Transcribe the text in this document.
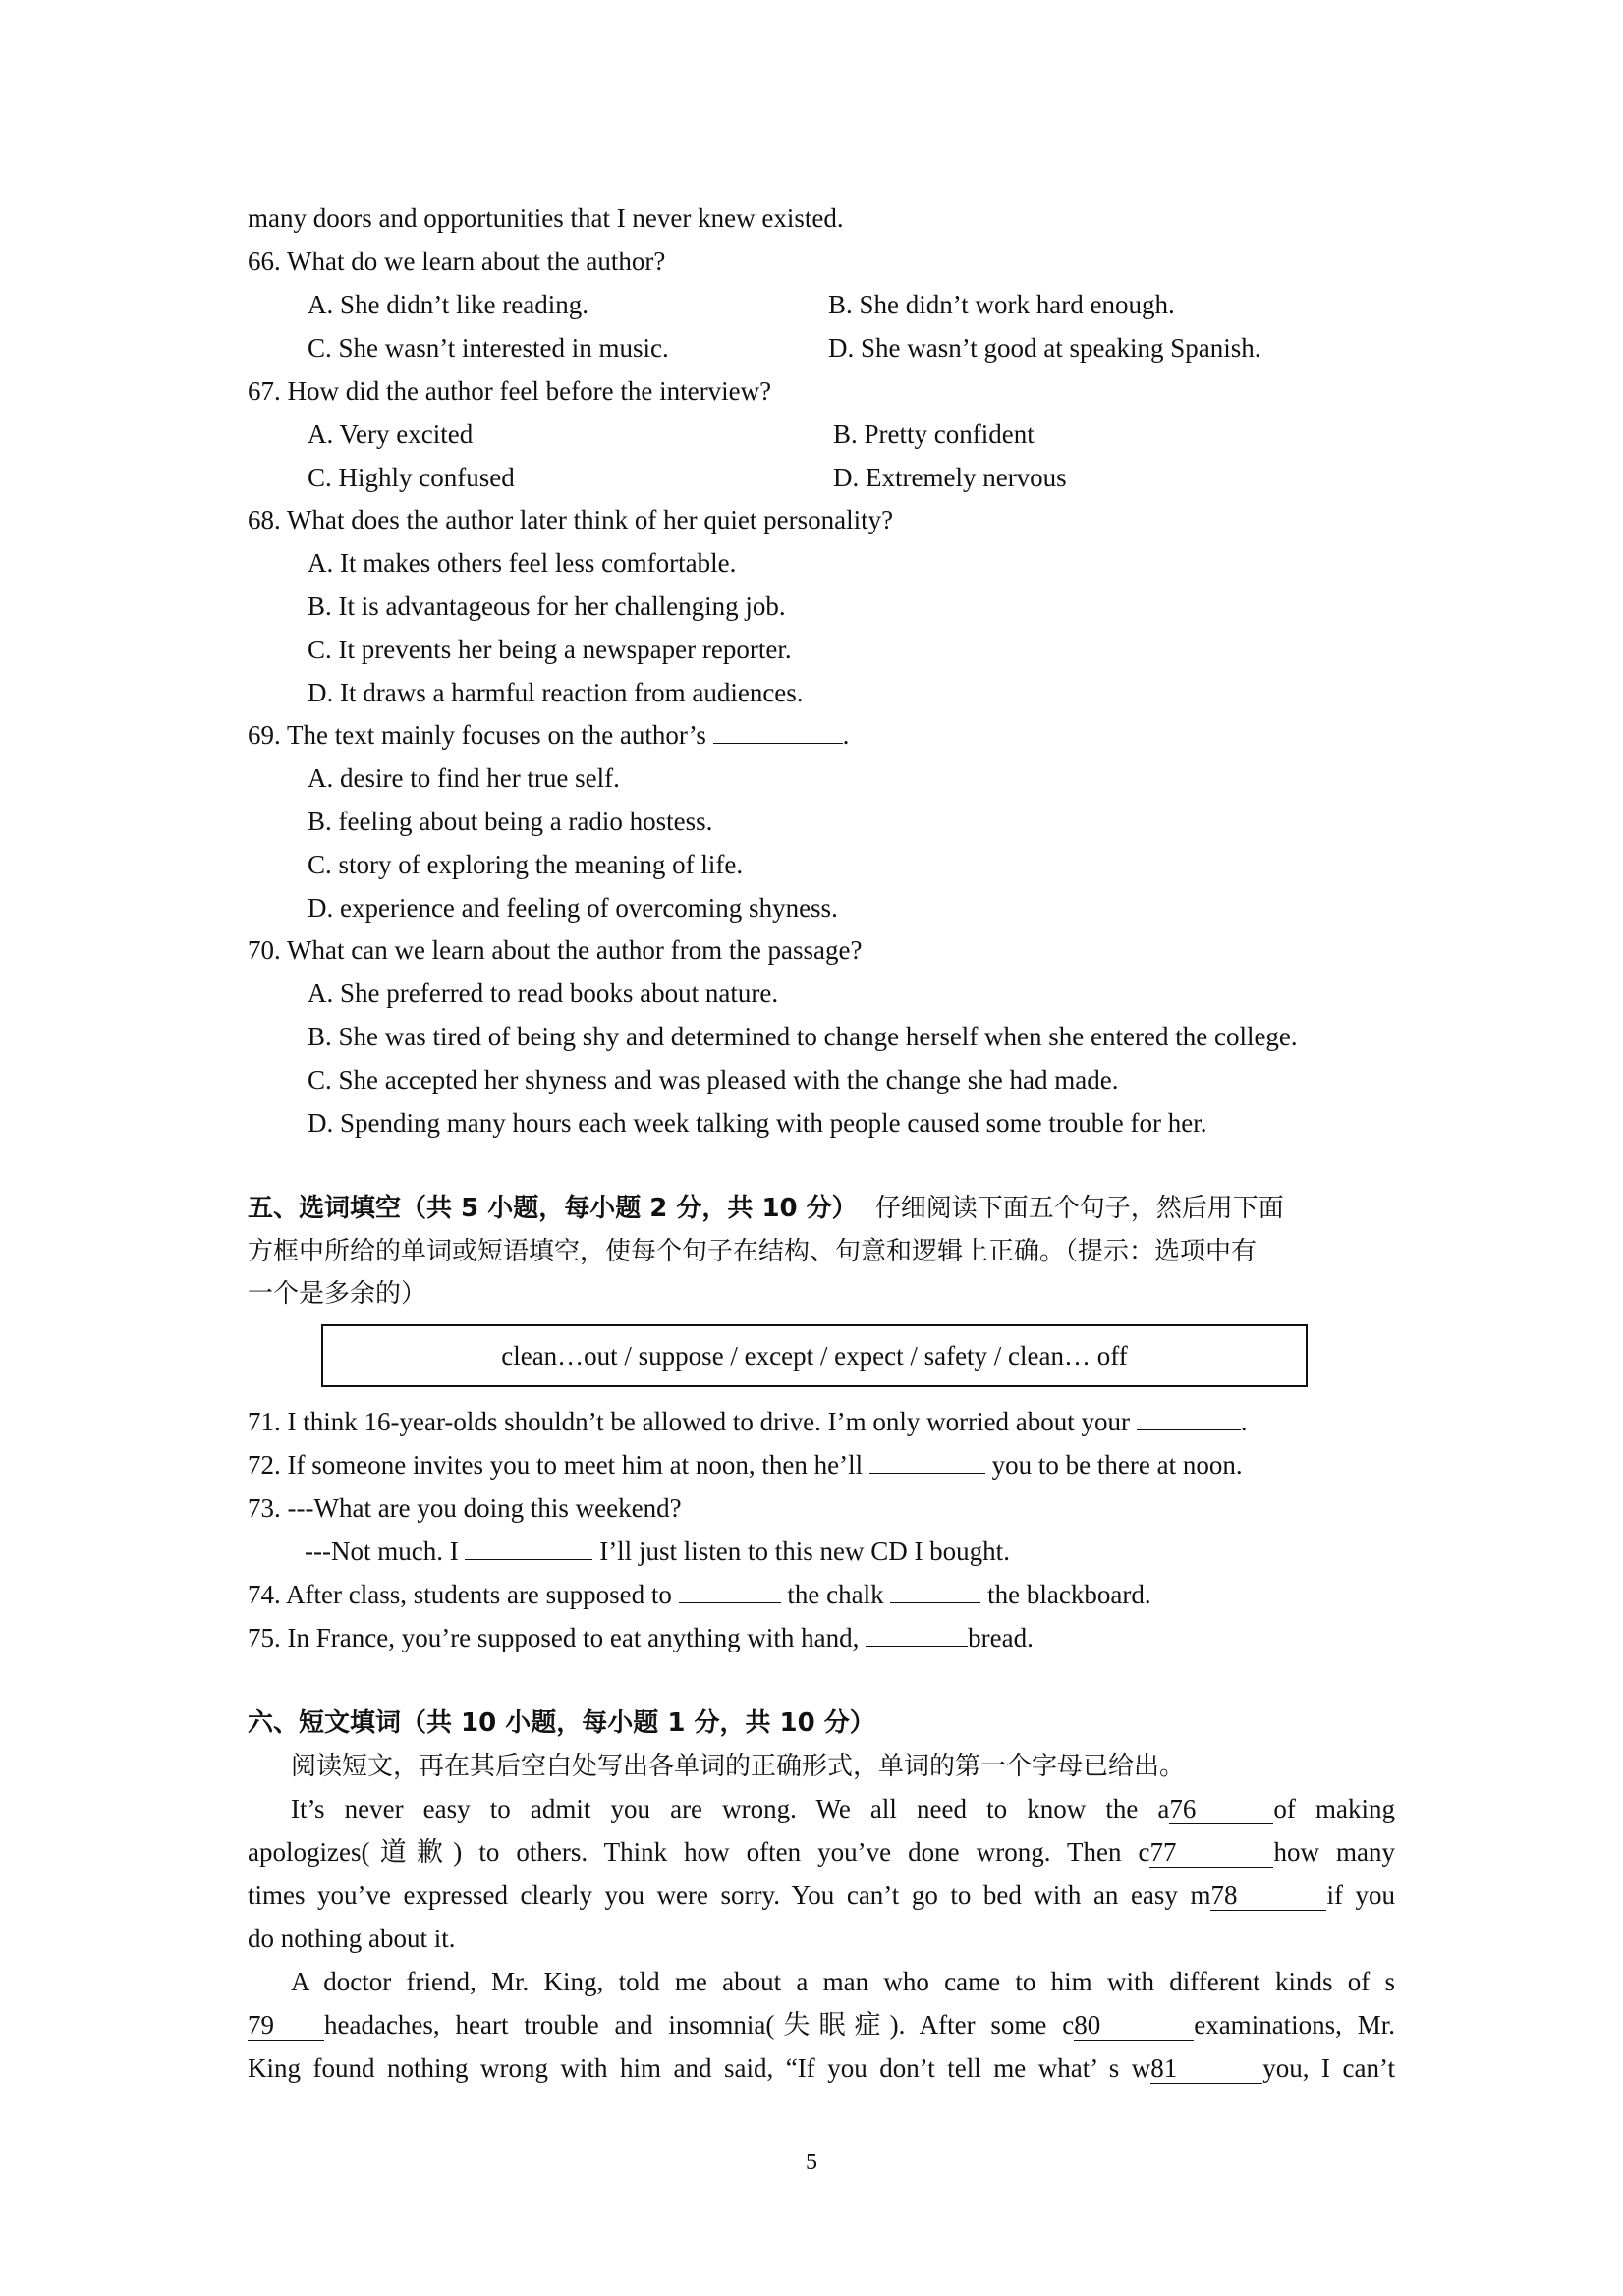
many doors and opportunities that I never knew existed.
66. What do we learn about the author?
A. She didn’t like reading.	B. She didn’t work hard enough.
C. She wasn’t interested in music.	D. She wasn’t good at speaking Spanish.
67. How did the author feel before the interview?
A. Very excited	B. Pretty confident
C. Highly confused	D. Extremely nervous
68. What does the author later think of her quiet personality?
A. It makes others feel less comfortable.
B. It is advantageous for her challenging job.
C. It prevents her being a newspaper reporter.
D. It draws a harmful reaction from audiences.
69. The text mainly focuses on the author’s	.
A. desire to find her true self.
B. feeling about being a radio hostess.
C. story of exploring the meaning of life.
D. experience and feeling of overcoming shyness.
70. What can we learn about the author from the passage?
A. She preferred to read books about nature.
B. She was tired of being shy and determined to change herself when she entered the college.
C. She accepted her shyness and was pleased with the change she had made.
D. Spending many hours each week talking with people caused some trouble for her.
五、选词填空（共 5 小题，每小题 2 分，共 10 分） 仔细阅读下面五个句子，然后用下面
方框中所给的单词或短语填空，使每个句子在结构、句意和逻辑上正确。（提示：选项中有
一个是多余的）
clean…out / suppose / except / expect / safety / clean… off
71. I think 16-year-olds shouldn’t be allowed to drive. I’m only worried about your	.
72. If someone invites you to meet him at noon, then he’ll	you to be there at noon.
73. ---What are you doing this weekend?
---Not much. I	I’ll just listen to this new CD I bought.
74. After class, students are supposed to	the chalk	the blackboard.
75. In France, you’re supposed to eat anything with hand,	bread.
六、短文填词（共 10 小题，每小题 1 分，共 10 分）
阅读短文，再在其后空白处写出各单词的正确形式，单词的第一个字母已给出。
It’s never easy to admit you are wrong. We all need to know the a76	of making
apologizes(道歉) to others. Think how often you’ve done wrong. Then c77	how many
times you’ve expressed clearly you were sorry. You can’t go to bed with an easy m78	if you
do nothing about it.
A doctor friend, Mr. King, told me about a man who came to him with different kinds of s
79 headaches, heart trouble and insomnia(失眠症). After some c80	examinations, Mr.
King found nothing wrong with him and said, “If you don’t tell me what’ s w81	you, I can’t
5
